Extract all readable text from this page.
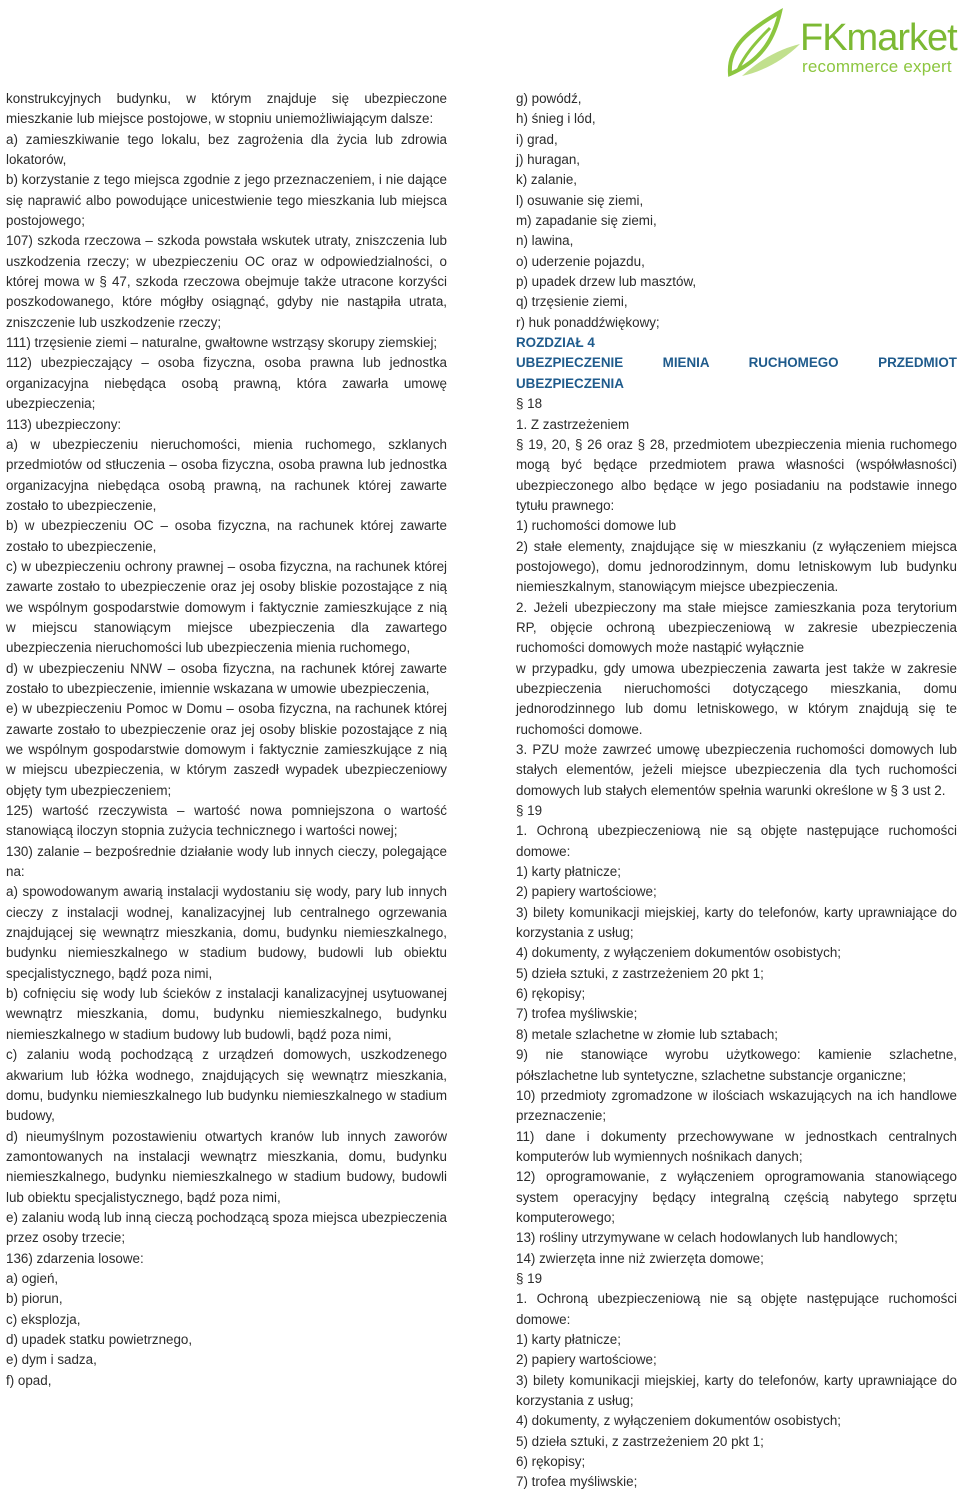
FKmarket
recommerce expert

konstrukcyjnych budynku, w którym znajduje się ubezpieczone mieszkanie lub miejsce postojowe, w stopniu uniemożliwiającym dalsze:

a) zamieszkiwanie tego lokalu, bez zagrożenia dla życia lub zdrowia lokatorów,

b) korzystanie z tego miejsca zgodnie z jego przeznaczeniem, i nie dające się naprawić albo powodujące unicestwienie tego mieszkania lub miejsca postojowego;

107) szkoda rzeczowa – szkoda powstała wskutek utraty, zniszczenia lub uszkodzenia rzeczy; w ubezpieczeniu OC oraz w odpowiedzialności, o której mowa w § 47, szkoda rzeczowa obejmuje także utracone korzyści poszkodowanego, które mógłby osiągnąć, gdyby nie nastąpiła utrata, zniszczenie lub uszkodzenie rzeczy;

111) trzęsienie ziemi – naturalne, gwałtowne wstrząsy skorupy ziemskiej;

112) ubezpieczający – osoba fizyczna, osoba prawna lub jednostka organizacyjna niebędąca osobą prawną, która zawarła umowę ubezpieczenia;

113) ubezpieczony:

a) w ubezpieczeniu nieruchomości, mienia ruchomego, szklanych przedmiotów od stłuczenia – osoba fizyczna, osoba prawna lub jednostka organizacyjna niebędąca osobą prawną, na rachunek której zawarte zostało to ubezpieczenie,

b) w ubezpieczeniu OC – osoba fizyczna, na rachunek której zawarte zostało to ubezpieczenie,

c) w ubezpieczeniu ochrony prawnej – osoba fizyczna, na rachunek której zawarte zostało to ubezpieczenie oraz jej osoby bliskie pozostające z nią we wspólnym gospodarstwie domowym i faktycznie zamieszkujące z nią w miejscu stanowiącym miejsce ubezpieczenia dla zawartego ubezpieczenia nieruchomości lub ubezpieczenia mienia ruchomego,

d) w ubezpieczeniu NNW – osoba fizyczna, na rachunek której zawarte zostało to ubezpieczenie, imiennie wskazana w umowie ubezpieczenia,

e) w ubezpieczeniu Pomoc w Domu – osoba fizyczna, na rachunek której zawarte zostało to ubezpieczenie oraz jej osoby bliskie pozostające z nią we wspólnym gospodarstwie domowym i faktycznie zamieszkujące z nią w miejscu ubezpieczenia, w którym zaszedł wypadek ubezpieczeniowy objęty tym ubezpieczeniem;

125) wartość rzeczywista – wartość nowa pomniejszona o wartość stanowiącą iloczyn stopnia zużycia technicznego i wartości nowej;

130) zalanie – bezpośrednie działanie wody lub innych cieczy, polegające na:

a) spowodowanym awarią instalacji wydostaniu się wody, pary lub innych cieczy z instalacji wodnej, kanalizacyjnej lub centralnego ogrzewania znajdującej się wewnątrz mieszkania, domu, budynku niemieszkalnego, budynku niemieszkalnego w stadium budowy, budowli lub obiektu specjalistycznego, bądź poza nimi,

b) cofnięciu się wody lub ścieków z instalacji kanalizacyjnej usytuowanej wewnątrz mieszkania, domu, budynku niemieszkalnego, budynku niemieszkalnego w stadium budowy lub budowli, bądź poza nimi,

c) zalaniu wodą pochodzącą z urządzeń domowych, uszkodzenego akwarium lub łóżka wodnego, znajdujących się wewnątrz mieszkania, domu, budynku niemieszkalnego lub budynku niemieszkalnego w stadium budowy,

d) nieumyślnym pozostawieniu otwartych kranów lub innych zaworów zamontowanych na instalacji wewnątrz mieszkania, domu, budynku niemieszkalnego, budynku niemieszkalnego w stadium budowy, budowli lub obiektu specjalistycznego, bądź poza nimi,

e) zalaniu wodą lub inną cieczą pochodzącą spoza miejsca ubezpieczenia przez osoby trzecie;

136) zdarzenia losowe:

a) ogień,

b) piorun,

c) eksplozja,

d) upadek statku powietrznego,

e) dym i sadza,

f) opad,

g) powódź,

h) śnieg i lód,

i) grad,

j) huragan,

k) zalanie,

l) osuwanie się ziemi,

m) zapadanie się ziemi,

n) lawina,

o) uderzenie pojazdu,

p) upadek drzew lub masztów,

q) trzęsienie ziemi,

r) huk ponaddźwiękowy;

ROZDZIAŁ 4

UBEZPIECZENIE MIENIA RUCHOMEGO PRZEDMIOT UBEZPIECZENIA

§ 18

1. Z zastrzeżeniem

§ 19, 20, § 26 oraz § 28, przedmiotem ubezpieczenia mienia ruchomego mogą być będące przedmiotem prawa własności (współwłasności) ubezpieczonego albo będące w jego posiadaniu na podstawie innego tytułu prawnego:

1) ruchomości domowe lub

2) stałe elementy, znajdujące się w mieszkaniu (z wyłączeniem miejsca postojowego), domu jednorodzinnym, domu letniskowym lub budynku niemieszkalnym, stanowiącym miejsce ubezpieczenia.

2. Jeżeli ubezpieczony ma stałe miejsce zamieszkania poza terytorium RP, objęcie ochroną ubezpieczeniową w zakresie ubezpieczenia ruchomości domowych może nastąpić wyłącznie

w przypadku, gdy umowa ubezpieczenia zawarta jest także w zakresie ubezpieczenia nieruchomości dotyczącego mieszkania, domu jednorodzinnego lub domu letniskowego, w którym znajdują się te ruchomości domowe.

3. PZU może zawrzeć umowę ubezpieczenia ruchomości domowych lub stałych elementów, jeżeli miejsce ubezpieczenia dla tych ruchomości domowych lub stałych elementów spełnia warunki określone w § 3 ust 2.

§ 19

1. Ochroną ubezpieczeniową nie są objęte następujące ruchomości domowe:

1) karty płatnicze;

2) papiery wartościowe;

3) bilety komunikacji miejskiej, karty do telefonów, karty uprawniające do korzystania z usług;

4) dokumenty, z wyłączeniem dokumentów osobistych;

5) dzieła sztuki, z zastrzeżeniem 20 pkt 1;

6) rękopisy;

7) trofea myśliwskie;

8) metale szlachetne w złomie lub sztabach;

9) nie stanowiące wyrobu użytkowego: kamienie szlachetne, półszlachetne lub syntetyczne, szlachetne substancje organiczne;

10) przedmioty zgromadzone w ilościach wskazujących na ich handlowe przeznaczenie;

11) dane i dokumenty przechowywane w jednostkach centralnych komputerów lub wymiennych nośnikach danych;

12) oprogramowanie, z wyłączeniem oprogramowania stanowiącego system operacyjny będący integralną częścią nabytego sprzętu komputerowego;

13) rośliny utrzymywane w celach hodowlanych lub handlowych;

14) zwierzęta inne niż zwierzęta domowe;

§ 19

1. Ochroną ubezpieczeniową nie są objęte następujące ruchomości domowe:

1) karty płatnicze;

2) papiery wartościowe;

3) bilety komunikacji miejskiej, karty do telefonów, karty uprawniające do korzystania z usług;

4) dokumenty, z wyłączeniem dokumentów osobistych;

5) dzieła sztuki, z zastrzeżeniem 20 pkt 1;

6) rękopisy;

7) trofea myśliwskie;
